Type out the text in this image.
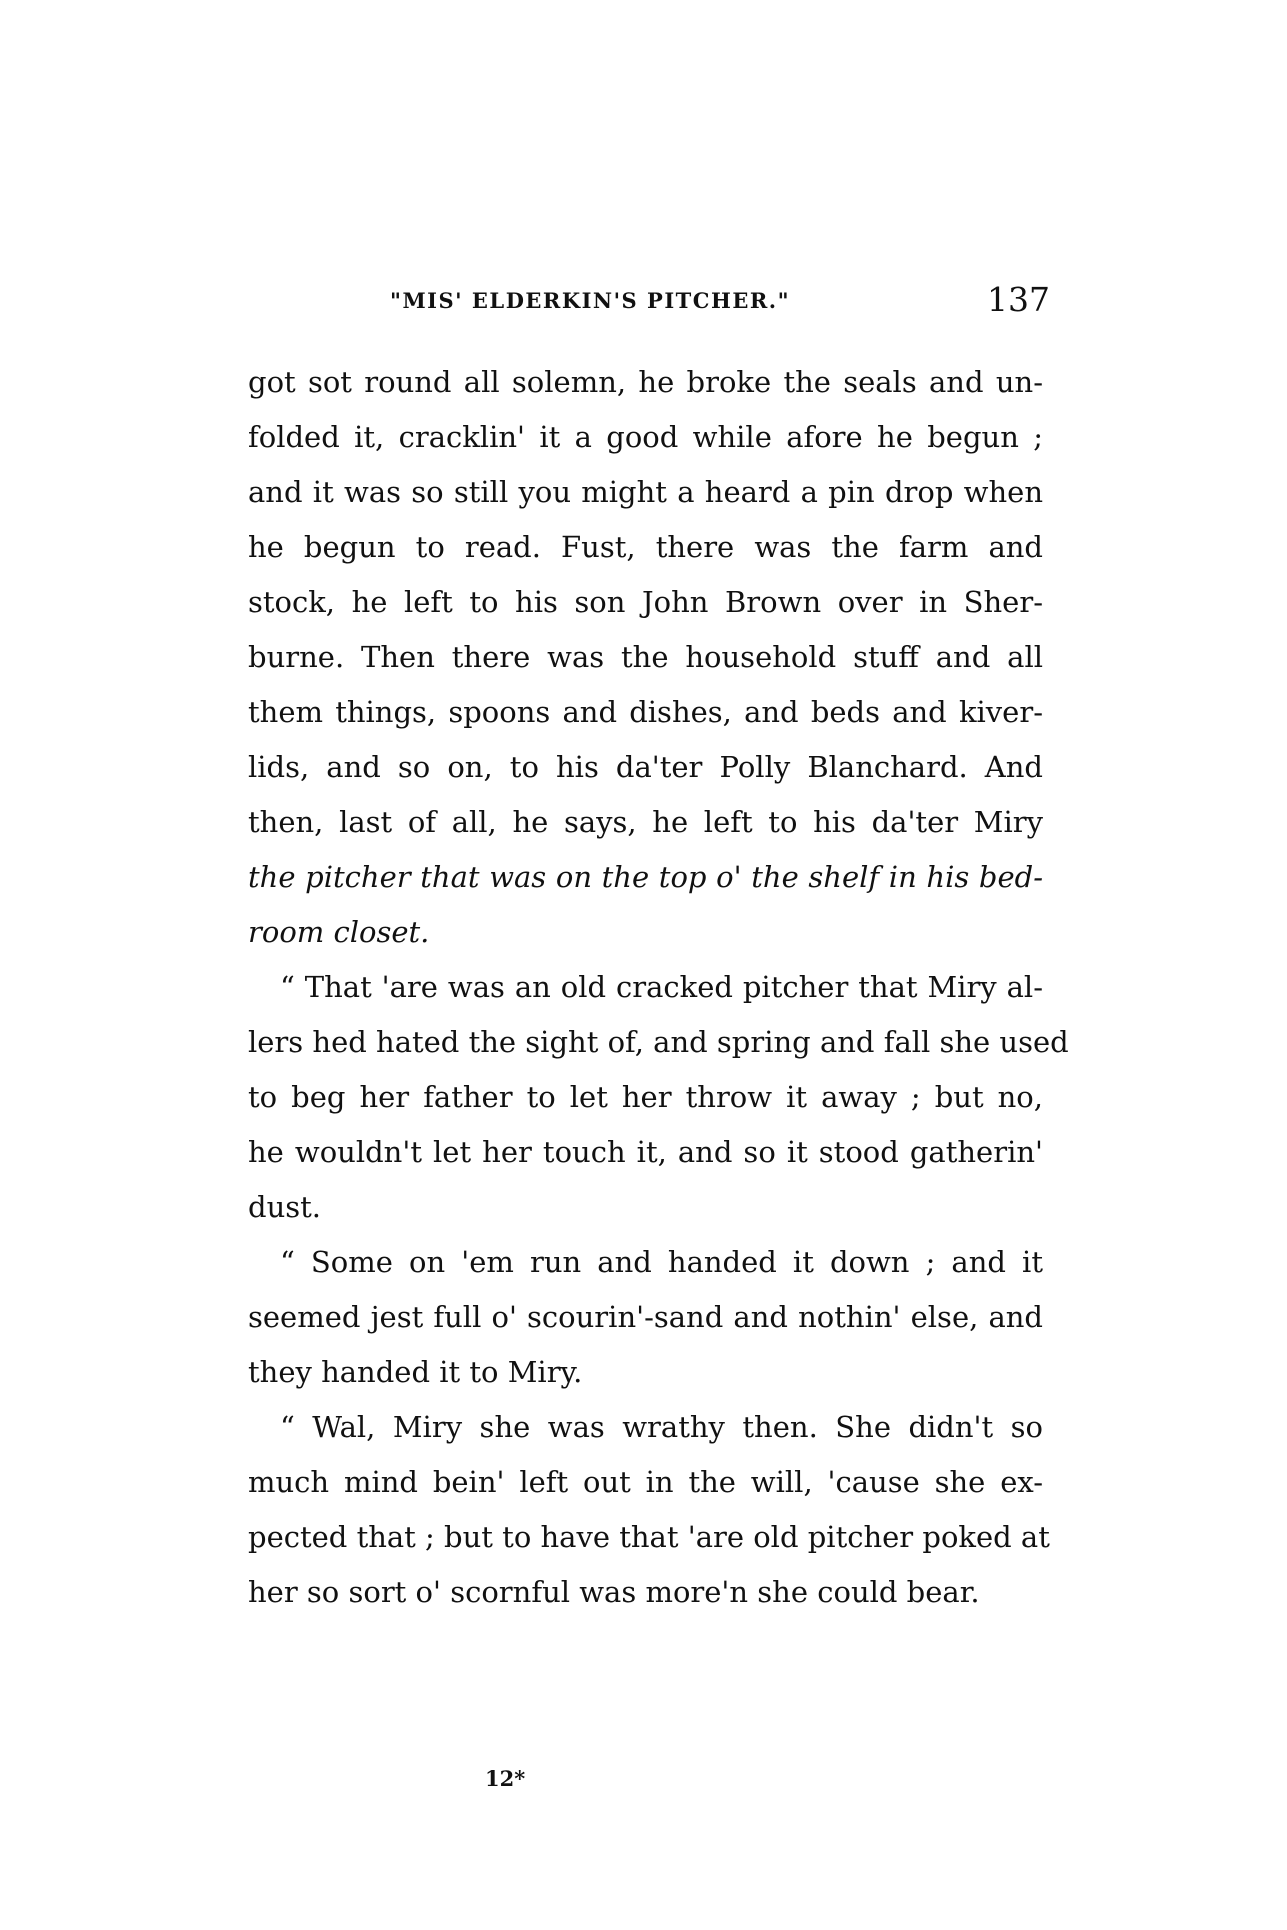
"MIS' ELDERKIN'S PITCHER."	137
got sot round all solemn, he broke the seals and un-
folded it, cracklin' it a good while afore he begun ;
and it was so still you might a heard a pin drop when
he begun to read. Fust, there was the farm and
stock, he left to his son John Brown over in Sher-
burne. Then there was the household stuff and all
them things, spoons and dishes, and beds and kiver-
lids, and so on, to his da'ter Polly Blanchard. And
then, last of all, he says, he left to his da'ter Miry
the pitcher that was on the top o' the shelf in his bed-
room closet.
“ That 'are was an old cracked pitcher that Miry al-
lers hed hated the sight of, and spring and fall she used
to beg her father to let her throw it away ; but no,
he wouldn't let her touch it, and so it stood gatherin'
dust.
“ Some on 'em run and handed it down ; and it
seemed jest full o' scourin'-sand and nothin' else, and
they handed it to Miry.
“ Wal, Miry she was wrathy then. She didn't so
much mind bein' left out in the will, 'cause she ex-
pected that ; but to have that 'are old pitcher poked at
her so sort o' scornful was more'n she could bear.
12*
